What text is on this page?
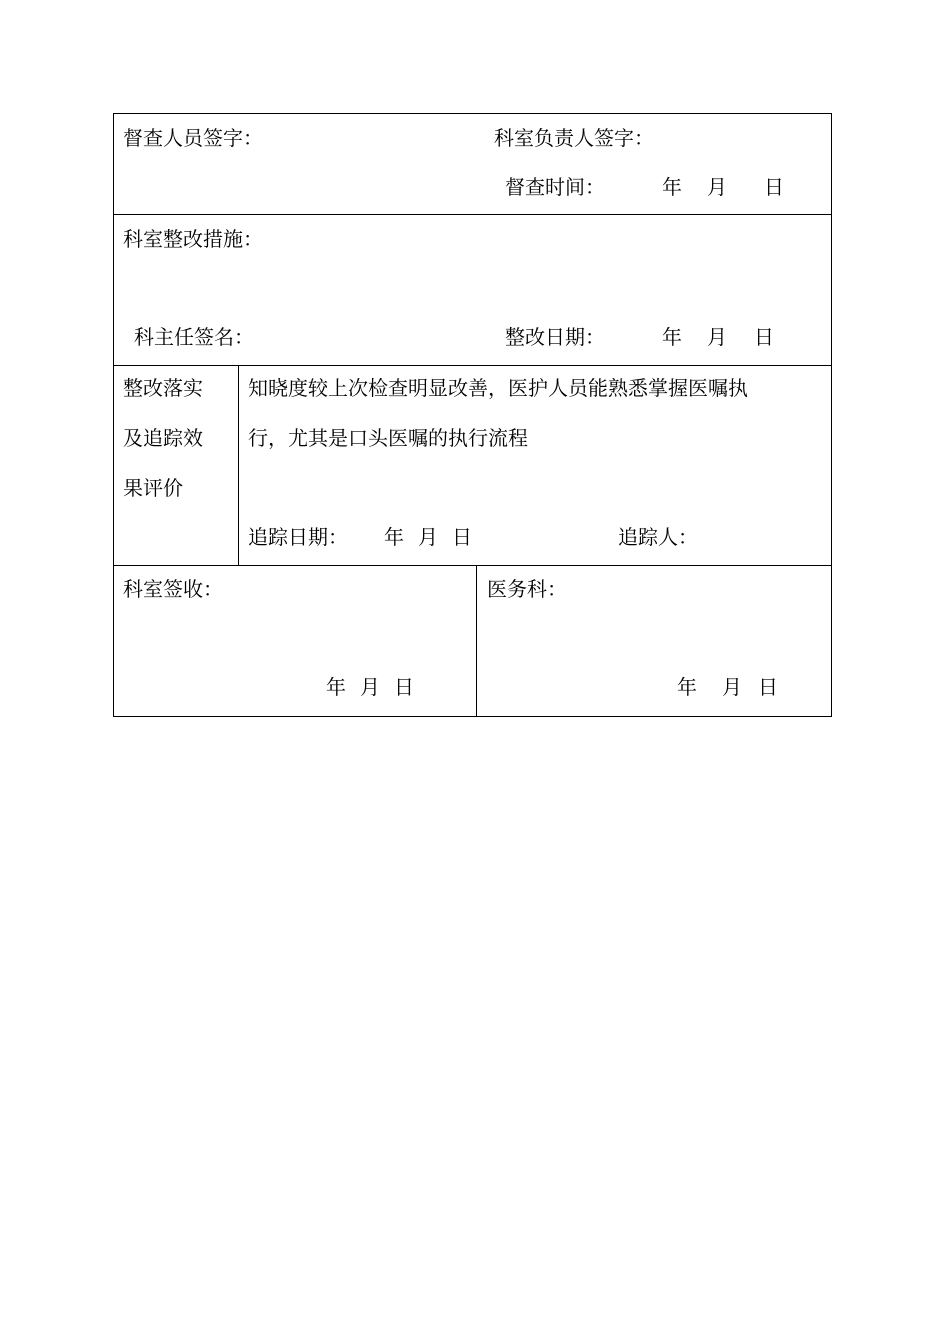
督查人员签字：	科室负责人签字：
督查时间：	年 月 日
科室整改措施：
科主任签名：	整改日期：	年 月 日
整改落实
及追踪效
果评价
知晓度较上次检查明显改善，医护人员能熟悉掌握医嘱执
行，尤其是口头医嘱的执行流程
追踪日期： 年 月 日	追踪人：
科室签收：	医务科：
年 月 日	年 月 日
